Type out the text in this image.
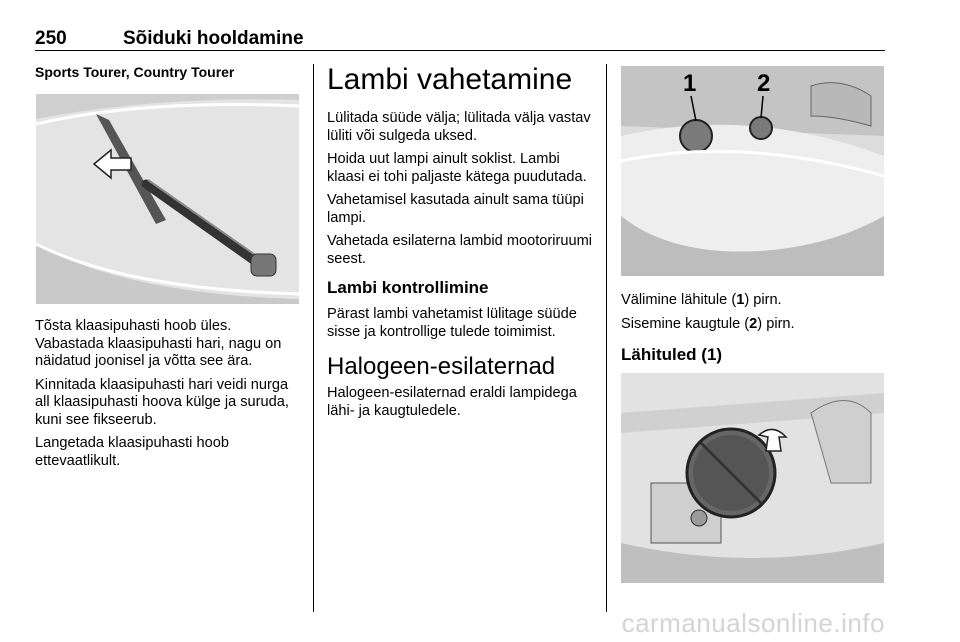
250	Sõiduki hooldamine
Sports Tourer, Country Tourer

Tõsta klaasipuhasti hoob üles. Vabastada klaasipuhasti hari, nagu on näidatud joonisel ja võtta see ära.

Kinnitada klaasipuhasti hari veidi nurga all klaasipuhasti hoova külge ja suruda, kuni see fikseerub.

Langetada klaasipuhasti hoob ettevaatlikult.

Lambi vahetamine

Lülitada süüde välja; lülitada välja vastav lüliti või sulgeda uksed.

Hoida uut lampi ainult soklist. Lambi klaasi ei tohi paljaste kätega puudutada.

Vahetamisel kasutada ainult sama tüüpi lampi.

Vahetada esilaterna lambid mootoriruumi seest.

Lambi kontrollimine

Pärast lambi vahetamist lülitage süüde sisse ja kontrollige tulede toimimist.

Halogeen-esilaternad

Halogeen-esilaternad eraldi lampidega lähi- ja kaugtuledele.

1	2

Välimine lähitule (1) pirn.

Sisemine kaugtule (2) pirn.

Lähituled (1)
carmanualsonline.info
